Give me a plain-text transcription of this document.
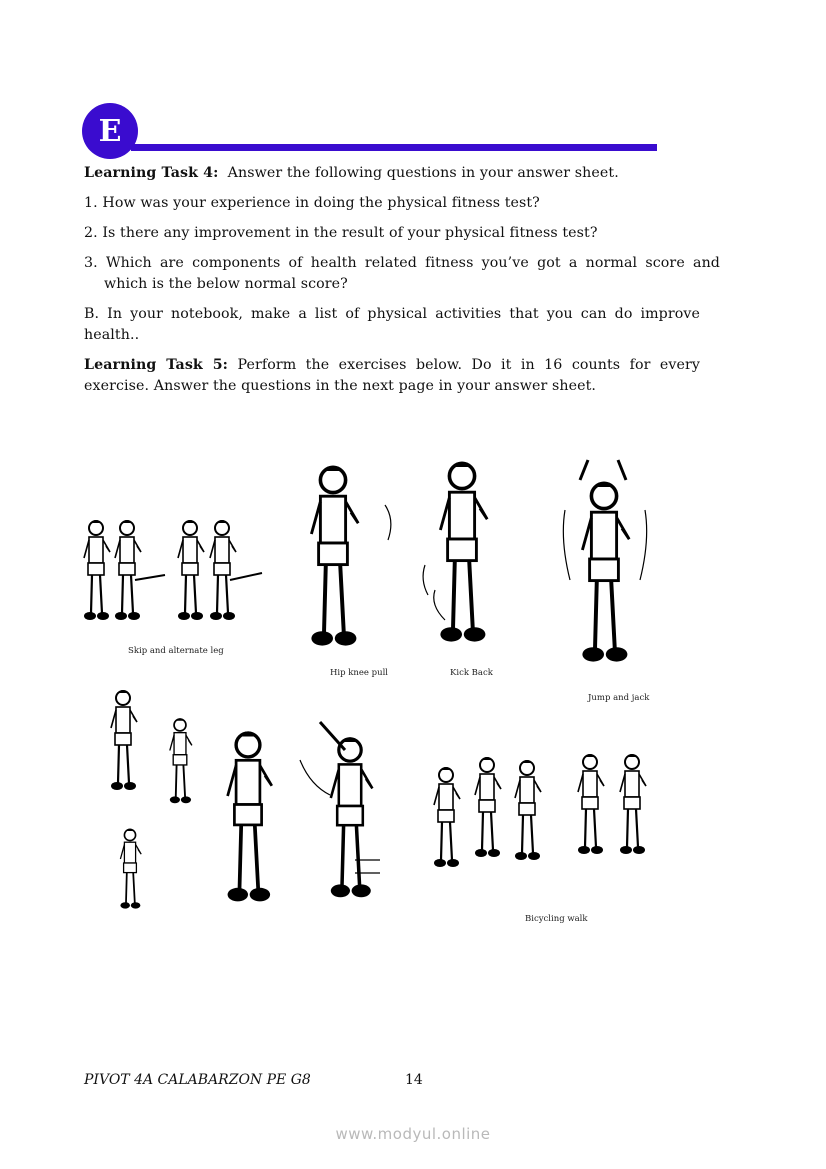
E
Learning Task 4: Answer the following questions in your answer sheet.
1. How was your experience in doing the physical fitness test?
2. Is there any improvement in the result of your physical fitness test?
3. Which are components of health related fitness you’ve got a normal score and which is the below normal score?
B. In your notebook, make a list of physical activities that you can do improve health..
Learning Task 5: Perform the exercises below. Do it in 16 counts for every exercise. Answer the questions in the next page in your answer sheet.
Skip and alternate leg
Hip knee pull	Kick Back
Jump and jack
Bicycling walk
PIVOT 4A CALABARZON PE G8	14
www.modyul.online
